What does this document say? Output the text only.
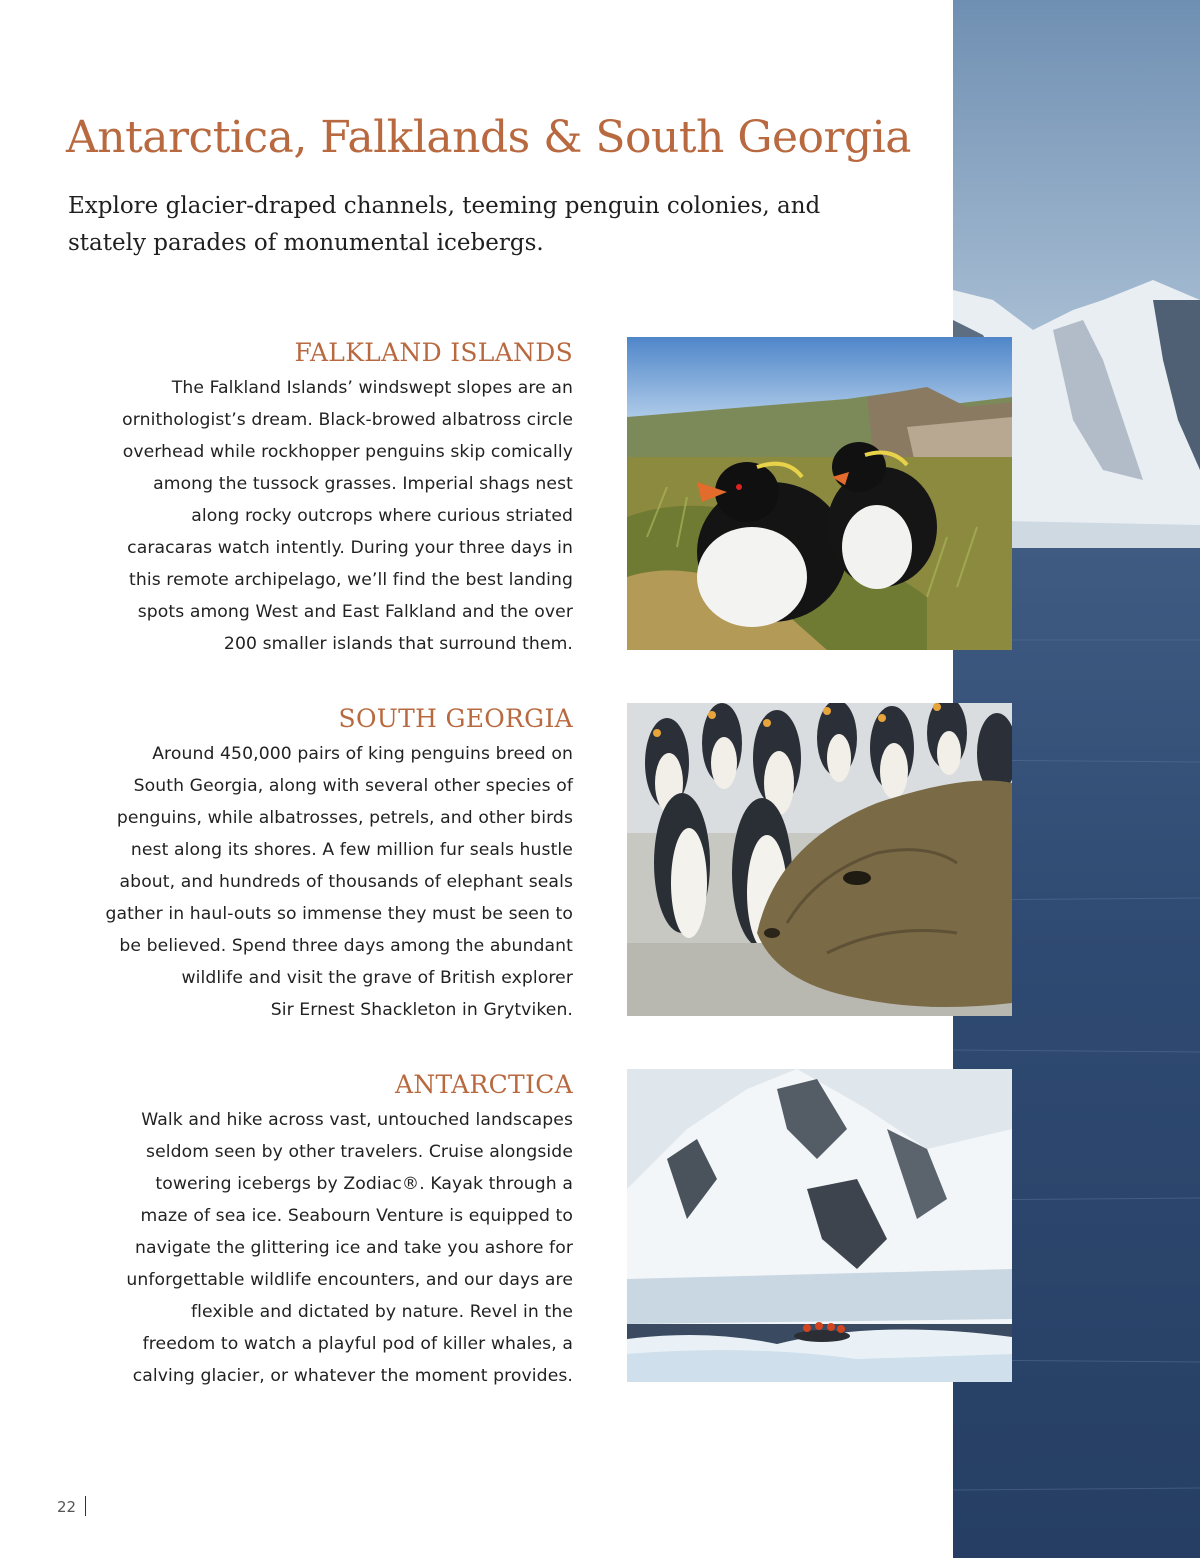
Antarctica, Falklands & South Georgia
Explore glacier-draped channels, teeming penguin colonies, and
stately parades of monumental icebergs.
FALKLAND ISLANDS

The Falkland Islands’ windswept slopes are an
ornithologist’s dream. Black-browed albatross circle
overhead while rockhopper penguins skip comically
among the tussock grasses. Imperial shags nest
along rocky outcrops where curious striated
caracaras watch intently. During your three days in
this remote archipelago, we’ll find the best landing
spots among West and East Falkland and the over
200 smaller islands that surround them.

SOUTH GEORGIA

Around 450,000 pairs of king penguins breed on
South Georgia, along with several other species of
penguins, while albatrosses, petrels, and other birds
nest along its shores. A few million fur seals hustle
about, and hundreds of thousands of elephant seals
gather in haul-outs so immense they must be seen to
be believed. Spend three days among the abundant
wildlife and visit the grave of British explorer
Sir Ernest Shackleton in Grytviken.

ANTARCTICA

Walk and hike across vast, untouched landscapes
seldom seen by other travelers. Cruise alongside
towering icebergs by Zodiac®. Kayak through a
maze of sea ice. Seabourn Venture is equipped to
navigate the glittering ice and take you ashore for
unforgettable wildlife encounters, and our days are
flexible and dictated by nature. Revel in the
freedom to watch a playful pod of killer whales, a
calving glacier, or whatever the moment provides.

22
